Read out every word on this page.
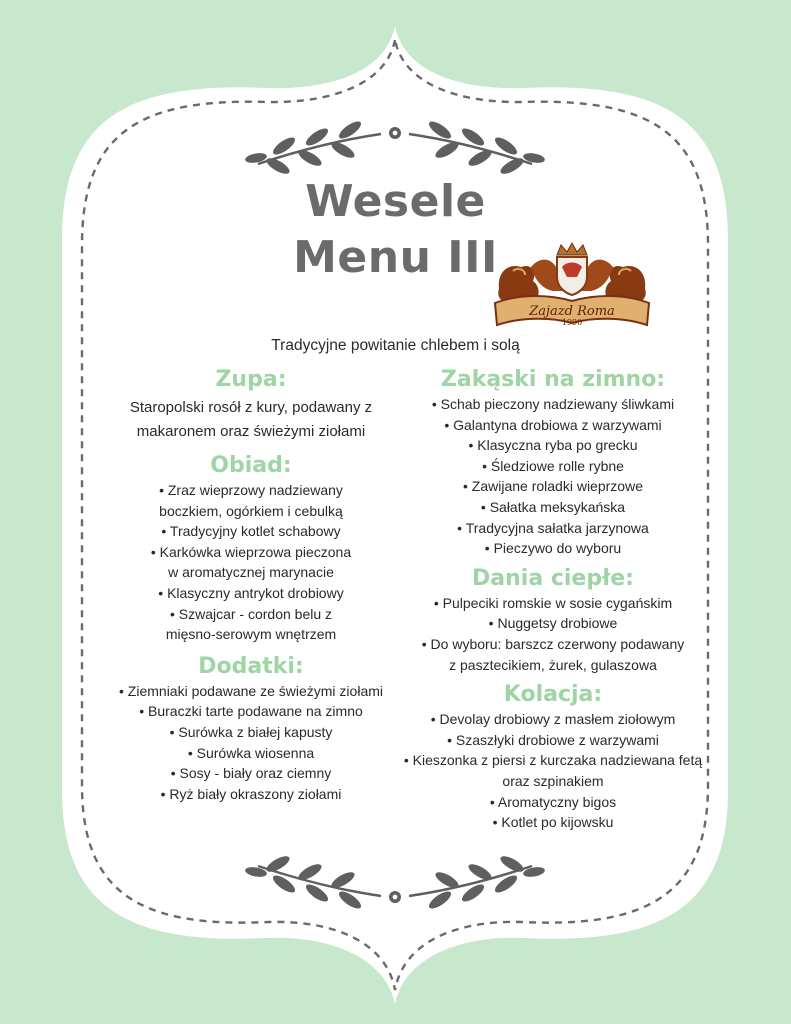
Wesele
Menu III
Zajazd Roma
1990
Tradycyjne powitanie chlebem i solą
Zupa:
Staropolski rosół z kury, podawany z
makaronem oraz świeżymi ziołami
Obiad:
• Zraz wieprzowy nadziewany
boczkiem, ogórkiem i cebulką
• Tradycyjny kotlet schabowy
• Karkówka wieprzowa pieczona
w aromatycznej marynacie
• Klasyczny antrykot drobiowy
• Szwajcar - cordon belu z
mięsno-serowym wnętrzem
Dodatki:
• Ziemniaki podawane ze świeżymi ziołami
• Buraczki tarte podawane na zimno
• Surówka z białej kapusty
• Surówka wiosenna
• Sosy - biały oraz ciemny
• Ryż biały okraszony ziołami
Zakąski na zimno:
• Schab pieczony nadziewany śliwkami
• Galantyna drobiowa z warzywami
• Klasyczna ryba po grecku
• Śledziowe rolle rybne
• Zawijane roladki wieprzowe
• Sałatka meksykańska
• Tradycyjna sałatka jarzynowa
• Pieczywo do wyboru
Dania ciepłe:
• Pulpeciki romskie w sosie cygańskim
• Nuggetsy drobiowe
• Do wyboru: barszcz czerwony podawany
z pasztecikiem, żurek, gulaszowa
Kolacja:
• Devolay drobiowy z masłem ziołowym
• Szaszłyki drobiowe z warzywami
• Kieszonka z piersi z kurczaka nadziewana fetą
oraz szpinakiem
• Aromatyczny bigos
• Kotlet po kijowsku
